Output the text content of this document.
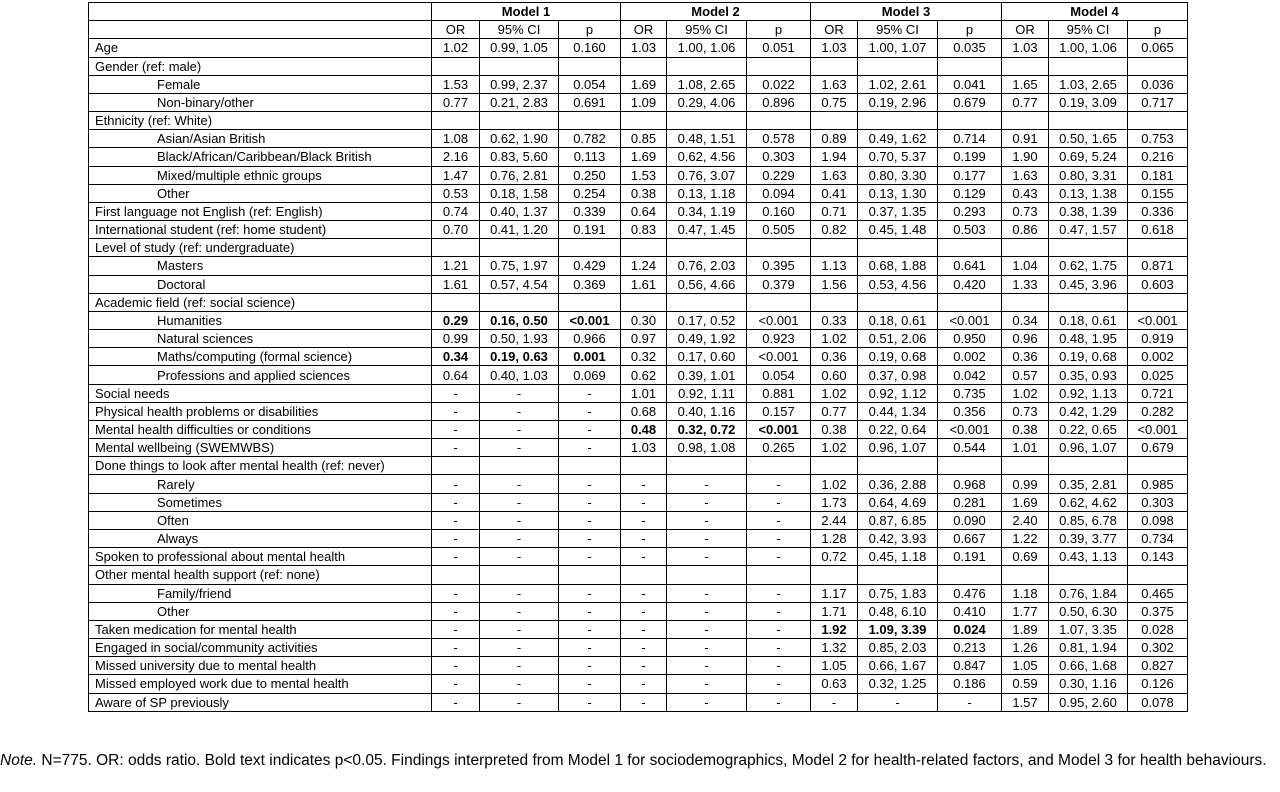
	Model 1			Model 2			Model 3			Model 4		
	OR	95% CI	p	OR	95% CI	p	OR	95% CI	p	OR	95% CI	p
Age	1.02	0.99, 1.05	0.160	1.03	1.00, 1.06	0.051	1.03	1.00, 1.07	0.035	1.03	1.00, 1.06	0.065
Gender (ref: male)												
Female	1.53	0.99, 2.37	0.054	1.69	1.08, 2.65	0.022	1.63	1.02, 2.61	0.041	1.65	1.03, 2.65	0.036
Non-binary/other	0.77	0.21, 2.83	0.691	1.09	0.29, 4.06	0.896	0.75	0.19, 2.96	0.679	0.77	0.19, 3.09	0.717
Ethnicity (ref: White)												
Asian/Asian British	1.08	0.62, 1.90	0.782	0.85	0.48, 1.51	0.578	0.89	0.49, 1.62	0.714	0.91	0.50, 1.65	0.753
Black/African/Caribbean/Black British	2.16	0.83, 5.60	0.113	1.69	0.62, 4.56	0.303	1.94	0.70, 5.37	0.199	1.90	0.69, 5.24	0.216
Mixed/multiple ethnic groups	1.47	0.76, 2.81	0.250	1.53	0.76, 3.07	0.229	1.63	0.80, 3.30	0.177	1.63	0.80, 3.31	0.181
Other	0.53	0.18, 1.58	0.254	0.38	0.13, 1.18	0.094	0.41	0.13, 1.30	0.129	0.43	0.13, 1.38	0.155
First language not English (ref: English)	0.74	0.40, 1.37	0.339	0.64	0.34, 1.19	0.160	0.71	0.37, 1.35	0.293	0.73	0.38, 1.39	0.336
International student (ref: home student)	0.70	0.41, 1.20	0.191	0.83	0.47, 1.45	0.505	0.82	0.45, 1.48	0.503	0.86	0.47, 1.57	0.618
Level of study (ref: undergraduate)												
Masters	1.21	0.75, 1.97	0.429	1.24	0.76, 2.03	0.395	1.13	0.68, 1.88	0.641	1.04	0.62, 1.75	0.871
Doctoral	1.61	0.57, 4.54	0.369	1.61	0.56, 4.66	0.379	1.56	0.53, 4.56	0.420	1.33	0.45, 3.96	0.603
Academic field (ref: social science)												
Humanities	0.29	0.16, 0.50	<0.001	0.30	0.17, 0.52	<0.001	0.33	0.18, 0.61	<0.001	0.34	0.18, 0.61	<0.001
Natural sciences	0.99	0.50, 1.93	0.966	0.97	0.49, 1.92	0.923	1.02	0.51, 2.06	0.950	0.96	0.48, 1.95	0.919
Maths/computing (formal science)	0.34	0.19, 0.63	0.001	0.32	0.17, 0.60	<0.001	0.36	0.19, 0.68	0.002	0.36	0.19, 0.68	0.002
Professions and applied sciences	0.64	0.40, 1.03	0.069	0.62	0.39, 1.01	0.054	0.60	0.37, 0.98	0.042	0.57	0.35, 0.93	0.025
Social needs	-	-	-	1.01	0.92, 1.11	0.881	1.02	0.92, 1.12	0.735	1.02	0.92, 1.13	0.721
Physical health problems or disabilities	-	-	-	0.68	0.40, 1.16	0.157	0.77	0.44, 1.34	0.356	0.73	0.42, 1.29	0.282
Mental health difficulties or conditions	-	-	-	0.48	0.32, 0.72	<0.001	0.38	0.22, 0.64	<0.001	0.38	0.22, 0.65	<0.001
Mental wellbeing (SWEMWBS)	-	-	-	1.03	0.98, 1.08	0.265	1.02	0.96, 1.07	0.544	1.01	0.96, 1.07	0.679
Done things to look after mental health (ref: never)												
Rarely	-	-	-	-	-	-	1.02	0.36, 2.88	0.968	0.99	0.35, 2.81	0.985
Sometimes	-	-	-	-	-	-	1.73	0.64, 4.69	0.281	1.69	0.62, 4.62	0.303
Often	-	-	-	-	-	-	2.44	0.87, 6.85	0.090	2.40	0.85, 6.78	0.098
Always	-	-	-	-	-	-	1.28	0.42, 3.93	0.667	1.22	0.39, 3.77	0.734
Spoken to professional about mental health	-	-	-	-	-	-	0.72	0.45, 1.18	0.191	0.69	0.43, 1.13	0.143
Other mental health support (ref: none)												
Family/friend	-	-	-	-	-	-	1.17	0.75, 1.83	0.476	1.18	0.76, 1.84	0.465
Other	-	-	-	-	-	-	1.71	0.48, 6.10	0.410	1.77	0.50, 6.30	0.375
Taken medication for mental health	-	-	-	-	-	-	1.92	1.09, 3.39	0.024	1.89	1.07, 3.35	0.028
Engaged in social/community activities	-	-	-	-	-	-	1.32	0.85, 2.03	0.213	1.26	0.81, 1.94	0.302
Missed university due to mental health	-	-	-	-	-	-	1.05	0.66, 1.67	0.847	1.05	0.66, 1.68	0.827
Missed employed work due to mental health	-	-	-	-	-	-	0.63	0.32, 1.25	0.186	0.59	0.30, 1.16	0.126
Aware of SP previously	-	-	-	-	-	-	-	-	-	1.57	0.95, 2.60	0.078
Note. N=775. OR: odds ratio. Bold text indicates p<0.05. Findings interpreted from Model 1 for sociodemographics, Model 2 for health-related factors, and Model 3 for health behaviours.
